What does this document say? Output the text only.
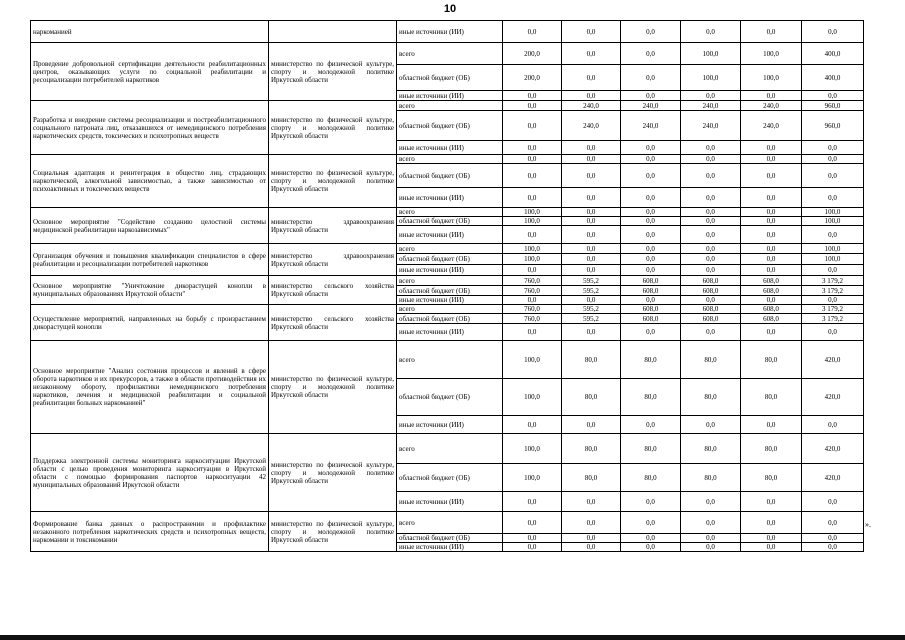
10
наркоманией		иные источники (ИИ)	0,0	0,0	0,0	0,0	0,0	0,0
Проведение добровольной сертификации деятельности реабилитационных центров, оказывающих услуги по социальной реабилитации и ресоциализации потребителей наркотиков	министерство по физической культуре, спорту и молодежной политике Иркутской области	всего	200,0	0,0	0,0	100,0	100,0	400,0
		областной бюджет (ОБ)	200,0	0,0	0,0	100,0	100,0	400,0
		иные источники (ИИ)	0,0	0,0	0,0	0,0	0,0	0,0
Разработка и внедрение системы ресоциализации и постреабилитационного социального патроната лиц, отказавшихся от немедицинского потребления наркотических средств, токсических и психотропных веществ	министерство по физической культуре, спорту и молодежной политике Иркутской области	всего	0,0	240,0	240,0	240,0	240,0	960,0
		областной бюджет (ОБ)	0,0	240,0	240,0	240,0	240,0	960,0
		иные источники (ИИ)	0,0	0,0	0,0	0,0	0,0	0,0
Социальная адаптация и реинтеграция в общество лиц, страдающих наркотической, алкогольной зависимостью, а также зависимостью от психоактивных и токсических веществ	министерство по физической культуре, спорту и молодежной политике Иркутской области	всего	0,0	0,0	0,0	0,0	0,0	0,0
		областной бюджет (ОБ)	0,0	0,0	0,0	0,0	0,0	0,0
		иные источники (ИИ)	0,0	0,0	0,0	0,0	0,0	0,0
Основное мероприятие "Содействие созданию целостной системы медицинской реабилитации наркозависимых"	министерство здравоохранения Иркутской области	всего	100,0	0,0	0,0	0,0	0,0	100,0
		областной бюджет (ОБ)	100,0	0,0	0,0	0,0	0,0	100,0
		иные источники (ИИ)	0,0	0,0	0,0	0,0	0,0	0,0
Организация обучения и повышения квалификации специалистов в сфере реабилитации и ресоциализации потребителей наркотиков	министерство здравоохранения Иркутской области	всего	100,0	0,0	0,0	0,0	0,0	100,0
		областной бюджет (ОБ)	100,0	0,0	0,0	0,0	0,0	100,0
		иные источники (ИИ)	0,0	0,0	0,0	0,0	0,0	0,0
Основное мероприятие "Уничтожение дикорастущей конопли в муниципальных образованиях Иркутской области"	министерство сельского хозяйства Иркутской области	всего	760,0	595,2	608,0	608,0	608,0	3 179,2
		областной бюджет (ОБ)	760,0	595,2	608,0	608,0	608,0	3 179,2
		иные источники (ИИ)	0,0	0,0	0,0	0,0	0,0	0,0
Осуществление мероприятий, направленных на борьбу с произрастанием дикорастущей конопли	министерство сельского хозяйства Иркутской области	всего	760,0	595,2	608,0	608,0	608,0	3 179,2
		областной бюджет (ОБ)	760,0	595,2	608,0	608,0	608,0	3 179,2
		иные источники (ИИ)	0,0	0,0	0,0	0,0	0,0	0,0
Основное мероприятие "Анализ состояния процессов и явлений в сфере оборота наркотиков и их прекурсоров, а также в области противодействия их незаконному обороту, профилактики немедицинского потребления наркотиков, лечения и медицинской реабилитации и социальной реабилитации больных наркоманией"	министерство по физической культуре, спорту и молодежной политике Иркутской области	всего	100,0	80,0	80,0	80,0	80,0	420,0
		областной бюджет (ОБ)	100,0	80,0	80,0	80,0	80,0	420,0
		иные источники (ИИ)	0,0	0,0	0,0	0,0	0,0	0,0
Поддержка электронной системы мониторинга наркоситуации Иркутской области с целью проведения мониторинга наркоситуации в Иркутской области с помощью формирования паспортов наркоситуации 42 муниципальных образований Иркутской области	министерство по физической культуре, спорту и молодежной политике Иркутской области	всего	100,0	80,0	80,0	80,0	80,0	420,0
		областной бюджет (ОБ)	100,0	80,0	80,0	80,0	80,0	420,0
		иные источники (ИИ)	0,0	0,0	0,0	0,0	0,0	0,0
Формирование банка данных о распространении и профилактике незаконного потребления наркотических средств и психотропных веществ, наркомании и токсикомании	министерство по физической культуре, спорту и молодежной политике Иркутской области	всего	0,0	0,0	0,0	0,0	0,0	0,0
		областной бюджет (ОБ)	0,0	0,0	0,0	0,0	0,0	0,0
		иные источники (ИИ)	0,0	0,0	0,0	0,0	0,0	0,0
».
